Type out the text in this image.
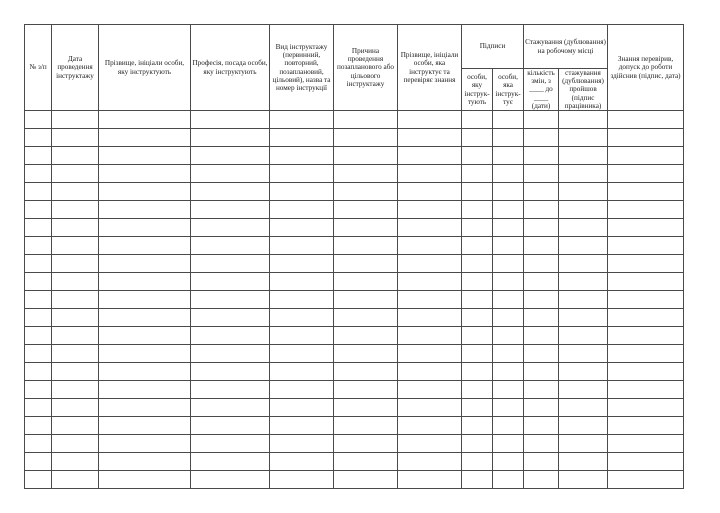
№ з/п	Дата проведення інструктажу	Прізвище, ініціали особи, яку інструктують	Професія, посада особи, яку інструктують	Вид інструктажу (первинний, повторний, позаплановий, цільовий), назва та номер інструкції	Причина проведення позапланового або цільового інструктажу	Прізвище, ініціали особи, яка інструктує та перевіряє знання	Підписи		Стажування (дублювання) на робочому місці		Знання перевірив, допуск до роботи здійснив (підпис, дата)
							особи, яку інструк-тують	особи, яка інструк-тує	кількість змін, з ____ до ____ (дати)	стажування (дублювання) пройшов (підпис працівника)	
